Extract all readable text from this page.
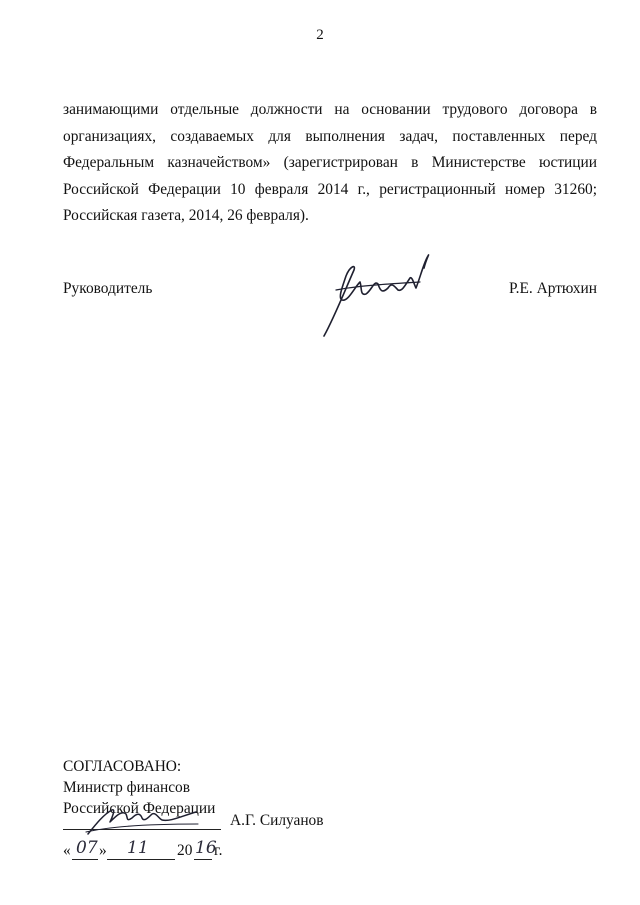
2

занимающими отдельные должности на основании трудового договора в организациях, создаваемых для выполнения задач, поставленных перед Федеральным казначейством» (зарегистрирован в Министерстве юстиции Российской Федерации 10 февраля 2014 г., регистрационный номер 31260; Российская газета, 2014, 26 февраля).

Руководитель	Р.Е. Артюхин
СОГЛАСОВАНО:
Министр финансов
Российской Федерации
А.Г. Силуанов
« 07 » 11 20 16
г.
